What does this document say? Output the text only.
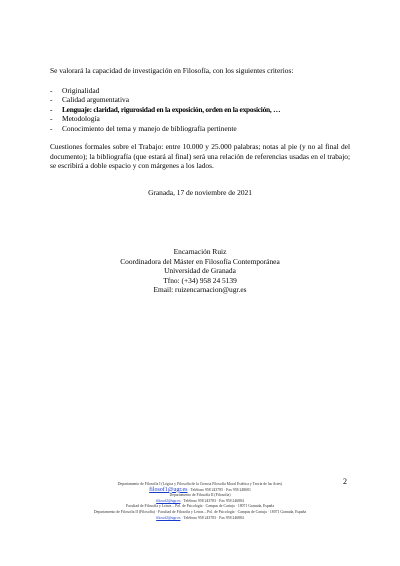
Se valorará la capacidad de investigación en Filosofía, con los siguientes criterios:

- Originalidad
- Calidad argumentativa
- Lenguaje: claridad, rigurosidad en la exposición, orden en la exposición, …
- Metodología
- Conocimiento del tema y manejo de bibliografía pertinente

Cuestiones formales sobre el Trabajo: entre 10.000 y 25.000 palabras; notas al pie (y no al final del documento); la bibliografía (que estará al final) será una relación de referencias usadas en el trabajo; se escribirá a doble espacio y con márgenes a los lados.

Granada, 17 de noviembre de 2021

Encarnación Ruiz
Coordinadora del Máster en Filosofía Contemporánea
Universidad de Granada
Tfno: (+34) 958 24 5139
Email: ruizencarnacion@ugr.es
2
Departamento de Filosofía I (Lógica y Filosofía de la Ciencia Filosofía Moral Estética y Teoría de las Artes)
filosof1@ugr.es · Teléfono 958 243785 · Fax 958 248681
Departamento de Filosofía II (Filosofía)
filosof2@ugr.es · Teléfono 958 243783 · Fax 958 246884
Facultad de Filosofía y Letras – Pol. de Psicología · Campus de Cartuja · 18071 Granada, España
Departamento de Filosofía II (Filosofía) · Facultad de Filosofía y Letras – Pol. de Psicología · Campus de Cartuja · 18071 Granada, España
filosof2@ugr.es · Teléfono 958 243783 · Fax 958 246884
